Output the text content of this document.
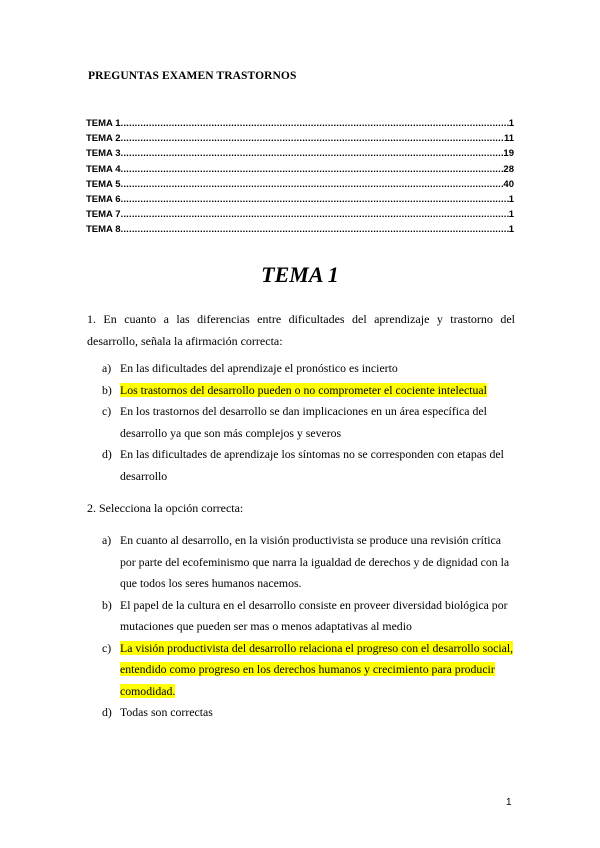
PREGUNTAS EXAMEN TRASTORNOS
TEMA 1 .....	1
TEMA 2 .....	11
TEMA 3 .....	19
TEMA 4 .....	28
TEMA 5 .....	40
TEMA 6 .....	1
TEMA 7 .....	1
TEMA 8 .....	1
TEMA 1
1. En cuanto a las diferencias entre dificultades del aprendizaje y trastorno del desarrollo, señala la afirmación correcta:
a) En las dificultades del aprendizaje el pronóstico es incierto
b) Los trastornos del desarrollo pueden o no comprometer el cociente intelectual
c) En los trastornos del desarrollo se dan implicaciones en un área específica del desarrollo ya que son más complejos y severos
d) En las dificultades de aprendizaje los síntomas no se corresponden con etapas del desarrollo
2. Selecciona la opción correcta:
a) En cuanto al desarrollo, en la visión productivista se produce una revisión crítica por parte del ecofeminismo que narra la igualdad de derechos y de dignidad con la que todos los seres humanos nacemos.
b) El papel de la cultura en el desarrollo consiste en proveer diversidad biológica por mutaciones que pueden ser mas o menos adaptativas al medio
c) La visión productivista del desarrollo relaciona el progreso con el desarrollo social, entendido como progreso en los derechos humanos y crecimiento para producir comodidad.
d) Todas son correctas
1
